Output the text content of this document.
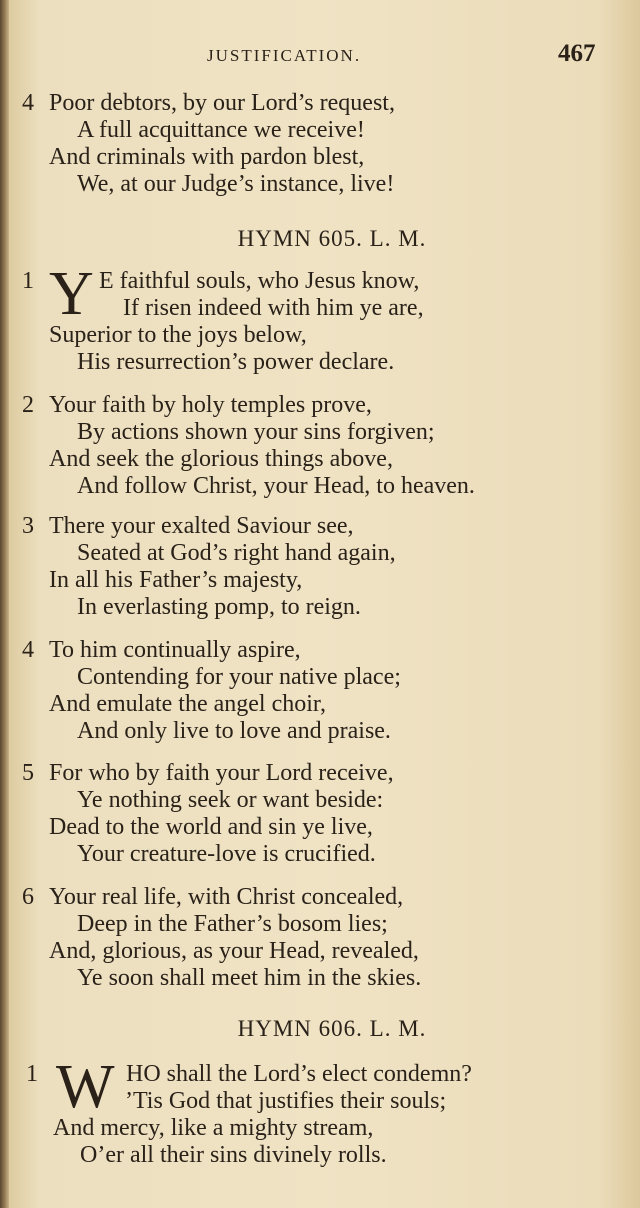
JUSTIFICATION.	467
4 Poor debtors, by our Lord’s request,
A full acquittance we receive!
And criminals with pardon blest,
We, at our Judge’s instance, live!
HYMN 605. L. M.
1 Y E faithful souls, who Jesus know,
If risen indeed with him ye are,
Superior to the joys below,
His resurrection’s power declare.
2 Your faith by holy temples prove,
By actions shown your sins forgiven;
And seek the glorious things above,
And follow Christ, your Head, to heaven.
3 There your exalted Saviour see,
Seated at God’s right hand again,
In all his Father’s majesty,
In everlasting pomp, to reign.
4 To him continually aspire,
Contending for your native place;
And emulate the angel choir,
And only live to love and praise.
5 For who by faith your Lord receive,
Ye nothing seek or want beside:
Dead to the world and sin ye live,
Your creature-love is crucified.
6 Your real life, with Christ concealed,
Deep in the Father’s bosom lies;
And, glorious, as your Head, revealed,
Ye soon shall meet him in the skies.
HYMN 606. L. M.
1 W HO shall the Lord’s elect condemn?
’Tis God that justifies their souls;
And mercy, like a mighty stream,
O’er all their sins divinely rolls.
